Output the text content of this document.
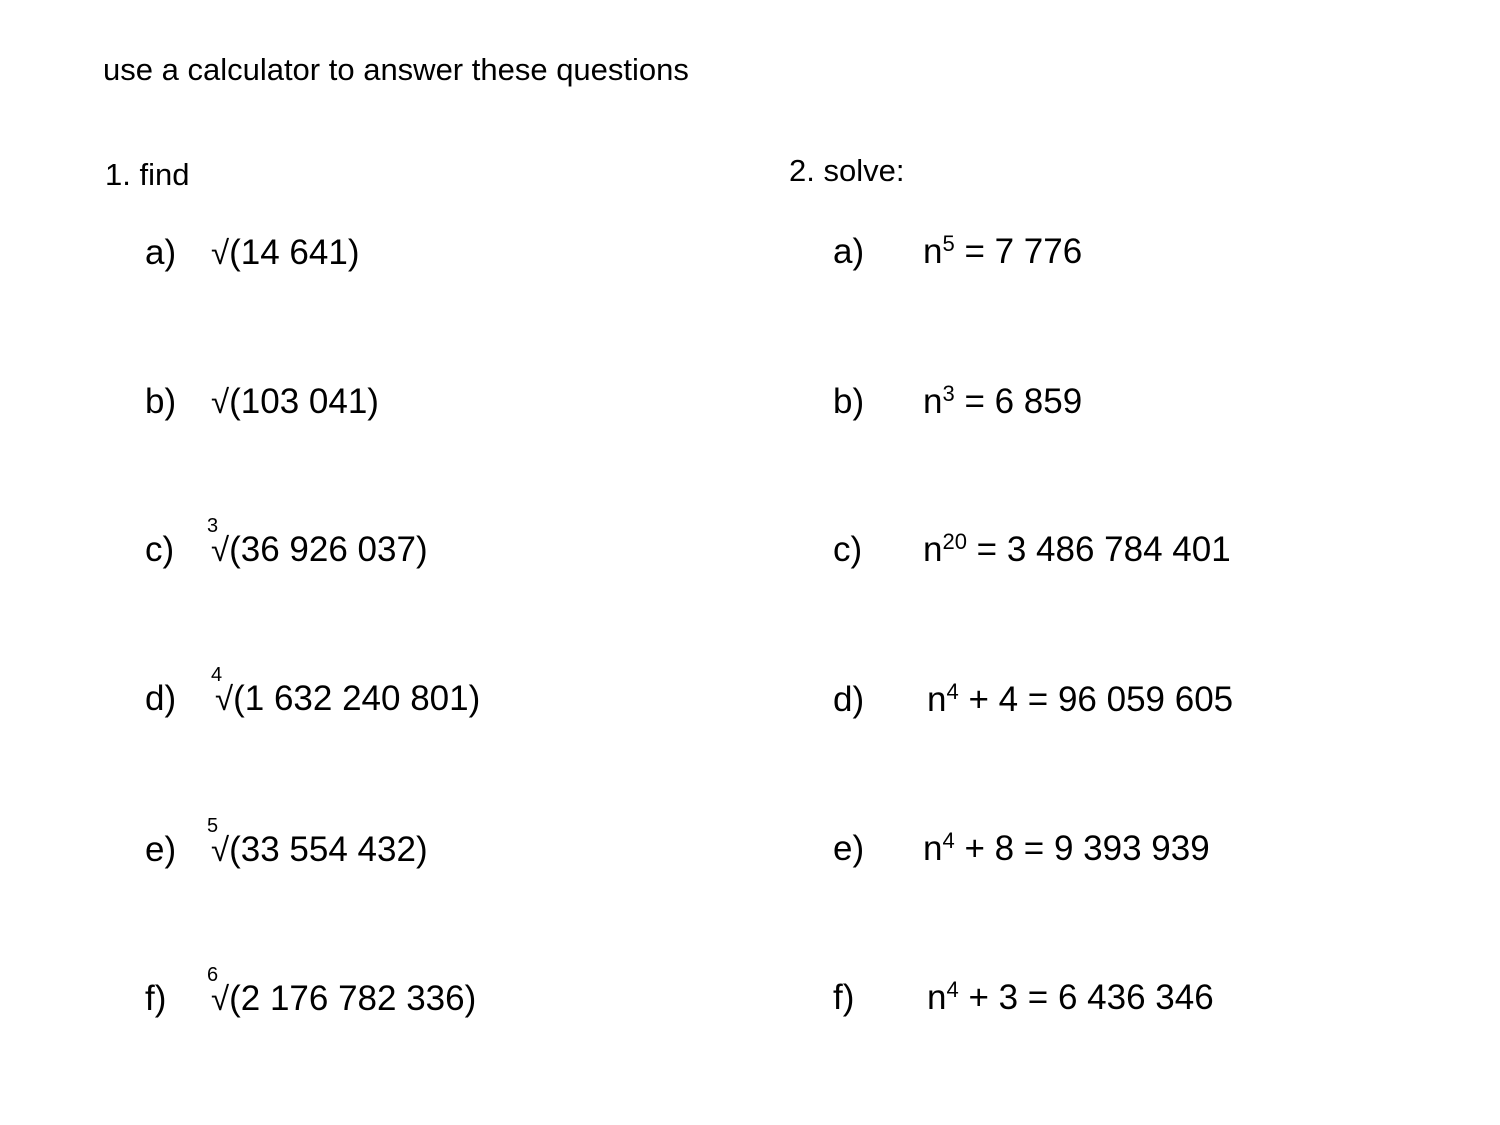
use a calculator to answer these questions
1. find	2. solve:
a) √(14 641)
b) √(103 041)
c)
3
√(36 926 037)
d)
4
√(1 632 240 801)
e)
5
√(33 554 432)
f)
6
√(2 176 782 336)
a) $n^5 = 7$ 776
b) $n^3 = 6$ 859
c) $n^{20} = 3$ 486 784 401
d) $n^4 + 4 = 96$ 059 605
e) $n^4 + 8 = 9$ 393 939
f) $n^4 + 3 = 6$ 436 346
